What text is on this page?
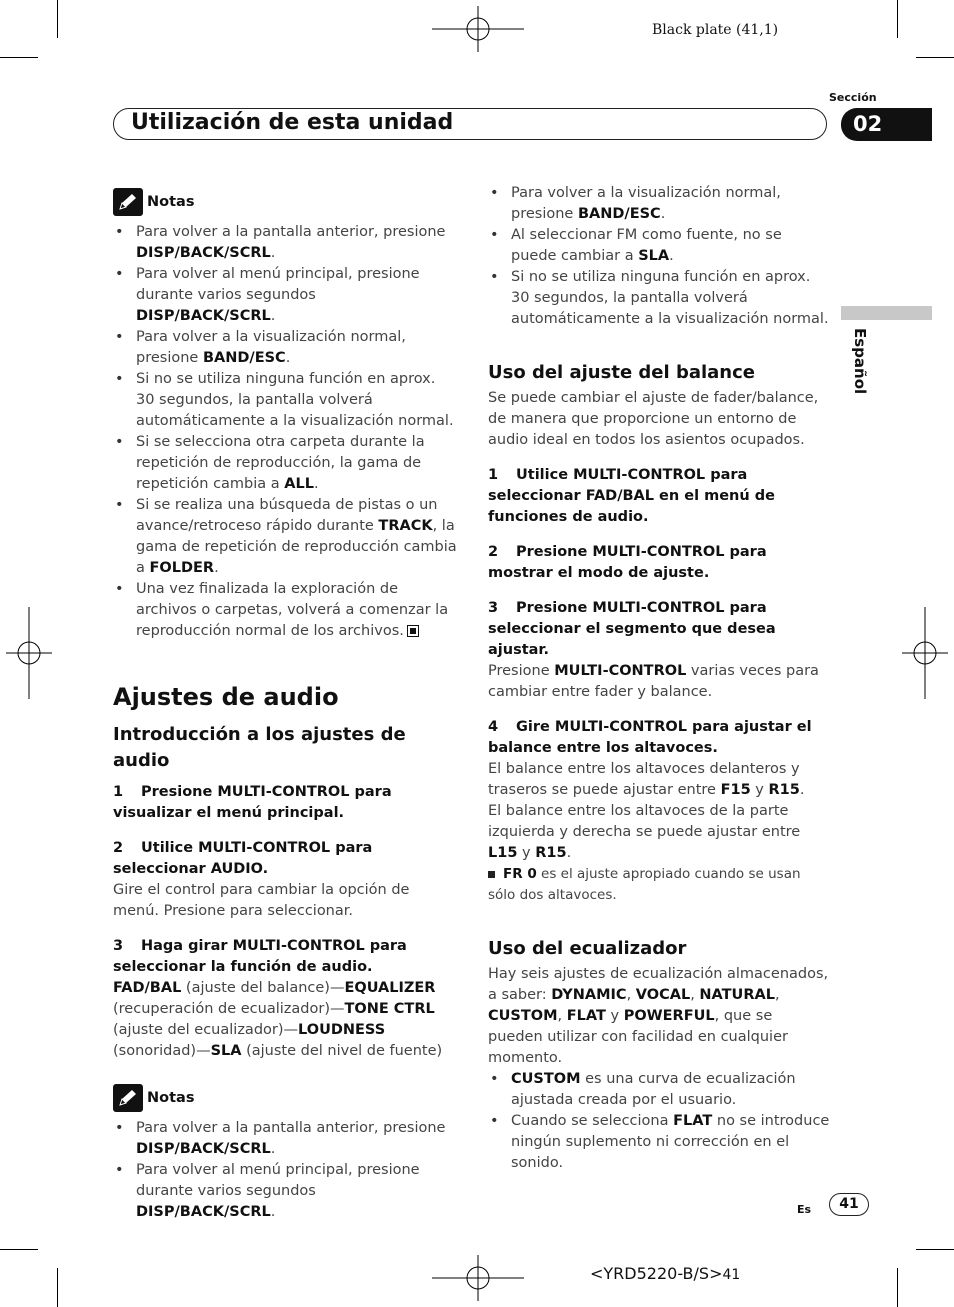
Black plate (41,1)
Sección
Utilización de esta unidad	02
Español
Notas
• Para volver a la pantalla anterior, presione DISP/BACK/SCRL.
• Para volver al menú principal, presione durante varios segundos DISP/BACK/SCRL.
• Para volver a la visualización normal, presione BAND/ESC.
• Si no se utiliza ninguna función en aprox. 30 segundos, la pantalla volverá automáticamente a la visualización normal.
• Si se selecciona otra carpeta durante la repetición de reproducción, la gama de repetición cambia a ALL.
• Si se realiza una búsqueda de pistas o un avance/retroceso rápido durante TRACK, la gama de repetición de reproducción cambia a FOLDER.
• Una vez finalizada la exploración de archivos o carpetas, volverá a comenzar la reproducción normal de los archivos.
Ajustes de audio
Introducción a los ajustes de audio
1 Presione MULTI-CONTROL para visualizar el menú principal.
2 Utilice MULTI-CONTROL para seleccionar AUDIO.
Gire el control para cambiar la opción de menú. Presione para seleccionar.
3 Haga girar MULTI-CONTROL para seleccionar la función de audio.
FAD/BAL (ajuste del balance)—EQUALIZER (recuperación de ecualizador)—TONE CTRL (ajuste del ecualizador)—LOUDNESS (sonoridad)—SLA (ajuste del nivel de fuente)
Notas
• Para volver a la pantalla anterior, presione DISP/BACK/SCRL.
• Para volver al menú principal, presione durante varios segundos DISP/BACK/SCRL.
• Para volver a la visualización normal, presione BAND/ESC.
• Al seleccionar FM como fuente, no se puede cambiar a SLA.
• Si no se utiliza ninguna función en aprox. 30 segundos, la pantalla volverá automáticamente a la visualización normal.
Uso del ajuste del balance
Se puede cambiar el ajuste de fader/balance, de manera que proporcione un entorno de audio ideal en todos los asientos ocupados.
1 Utilice MULTI-CONTROL para seleccionar FAD/BAL en el menú de funciones de audio.
2 Presione MULTI-CONTROL para mostrar el modo de ajuste.
3 Presione MULTI-CONTROL para seleccionar el segmento que desea ajustar.
Presione MULTI-CONTROL varias veces para cambiar entre fader y balance.
4 Gire MULTI-CONTROL para ajustar el balance entre los altavoces.
El balance entre los altavoces delanteros y traseros se puede ajustar entre F15 y R15.
El balance entre los altavoces de la parte izquierda y derecha se puede ajustar entre L15 y R15.
FR 0 es el ajuste apropiado cuando se usan sólo dos altavoces.
Uso del ecualizador
Hay seis ajustes de ecualización almacenados, a saber: DYNAMIC, VOCAL, NATURAL, CUSTOM, FLAT y POWERFUL, que se pueden utilizar con facilidad en cualquier momento.
• CUSTOM es una curva de ecualización ajustada creada por el usuario.
• Cuando se selecciona FLAT no se introduce ningún suplemento ni corrección en el sonido.
Es	41
<YRD5220-B/S>41
